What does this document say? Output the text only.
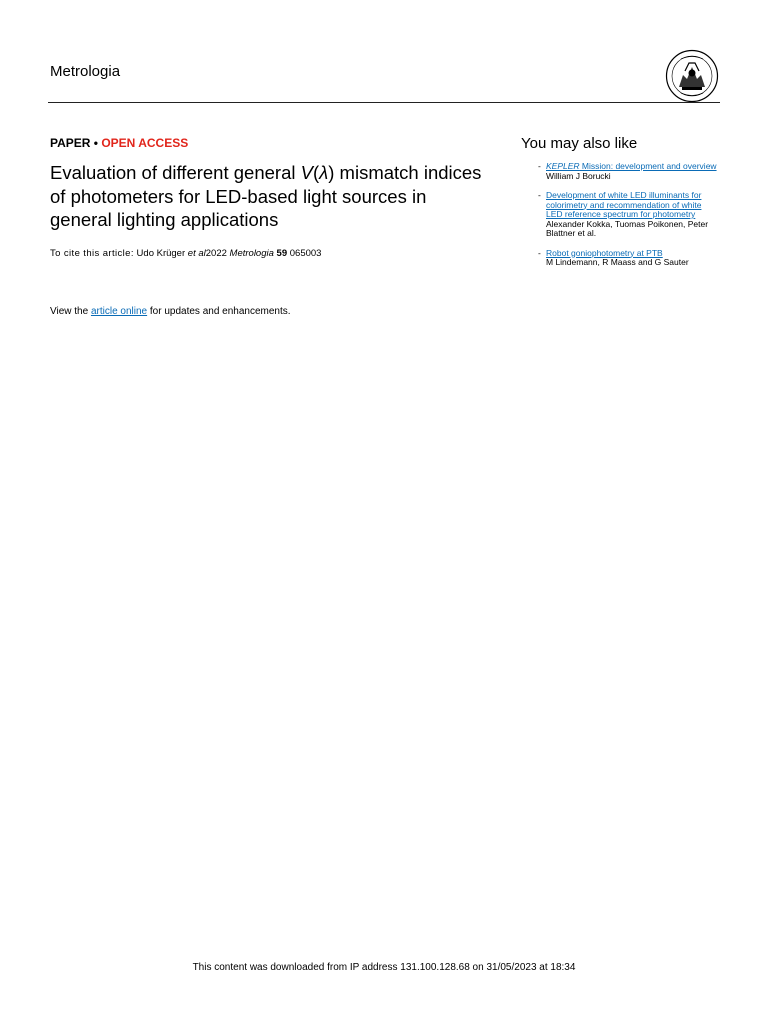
Metrologia
PAPER • OPEN ACCESS
Evaluation of different general V(λ) mismatch indices of photometers for LED-based light sources in general lighting applications
To cite this article: Udo Krüger et al2022 Metrologia 59 065003
View the article online for updates and enhancements.
You may also like
- KEPLER Mission: development and overview
William J Borucki
- Development of white LED illuminants for colorimetry and recommendation of white LED reference spectrum for photometry
Alexander Kokka, Tuomas Poikonen, Peter Blattner et al.
- Robot goniophotometry at PTB
M Lindemann, R Maass and G Sauter
This content was downloaded from IP address 131.100.128.68 on 31/05/2023 at 18:34
